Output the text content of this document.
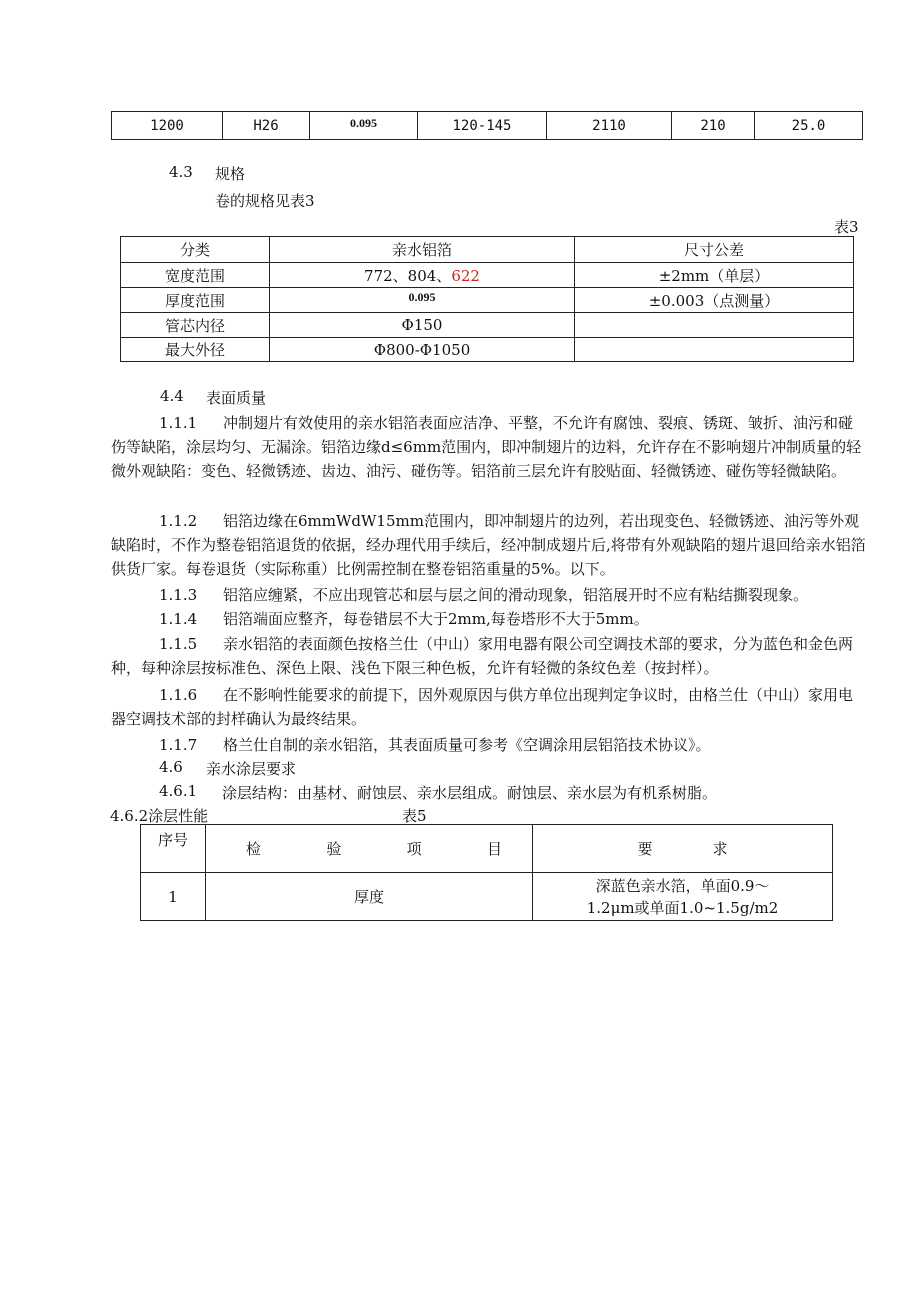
1200	H26	0.095	120-145	2110	210	25.0
4.3 规格
卷的规格见表3
表3
分类	亲水铝箔	尺寸公差
宽度范围	772、804、622	±2mm（单层）
厚度范围	0.095	±0.003（点测量）
管芯内径	Φ150	
最大外径	Φ800-Φ1050	
4.4 表面质量
1.1.1 冲制翅片有效使用的亲水铝箔表面应洁净、平整，不允许有腐蚀、裂痕、锈斑、皱折、油污和碰伤等缺陷，涂层均匀、无漏涂。铝箔边缘d≤6mm范围内，即冲制翅片的边料，允许存在不影响翅片冲制质量的轻微外观缺陷：变色、轻微锈迹、齿边、油污、碰伤等。铝箔前三层允许有胶贴面、轻微锈迹、碰伤等轻微缺陷。
1.1.2 铝箔边缘在6mmWdW15mm范围内，即冲制翅片的边列，若出现变色、轻微锈迹、油污等外观缺陷时，不作为整卷铝箔退货的依据，经办理代用手续后，经冲制成翅片后,将带有外观缺陷的翅片退回给亲水铝箔供货厂家。每卷退货（实际称重）比例需控制在整卷铝箔重量的5%。以下。
1.1.3 铝箔应缠紧，不应出现管芯和层与层之间的滑动现象，铝箔展开时不应有粘结撕裂现象。
1.1.4 铝箔端面应整齐，每卷错层不大于2mm,每卷塔形不大于5mm。
1.1.5 亲水铝箔的表面颜色按格兰仕（中山）家用电器有限公司空调技术部的要求，分为蓝色和金色两种，每种涂层按标准色、深色上限、浅色下限三种色板，允许有轻微的条纹色差（按封样）。
1.1.6 在不影响性能要求的前提下，因外观原因与供方单位出现判定争议时，由格兰仕（中山）家用电器空调技术部的封样确认为最终结果。
1.1.7 格兰仕自制的亲水铝箔，其表面质量可参考《空调涂用层铝箔技术协议》。
4.6 亲水涂层要求
4.6.1 涂层结构：由基材、耐蚀层、亲水层组成。耐蚀层、亲水层为有机系树脂。
4.6.2涂层性能	表5
序号	检 验 项 目	要 求

1	厚度	深蓝色亲水箔，单面0.9～
1.2μm或单面1.0~1.5g/m2
